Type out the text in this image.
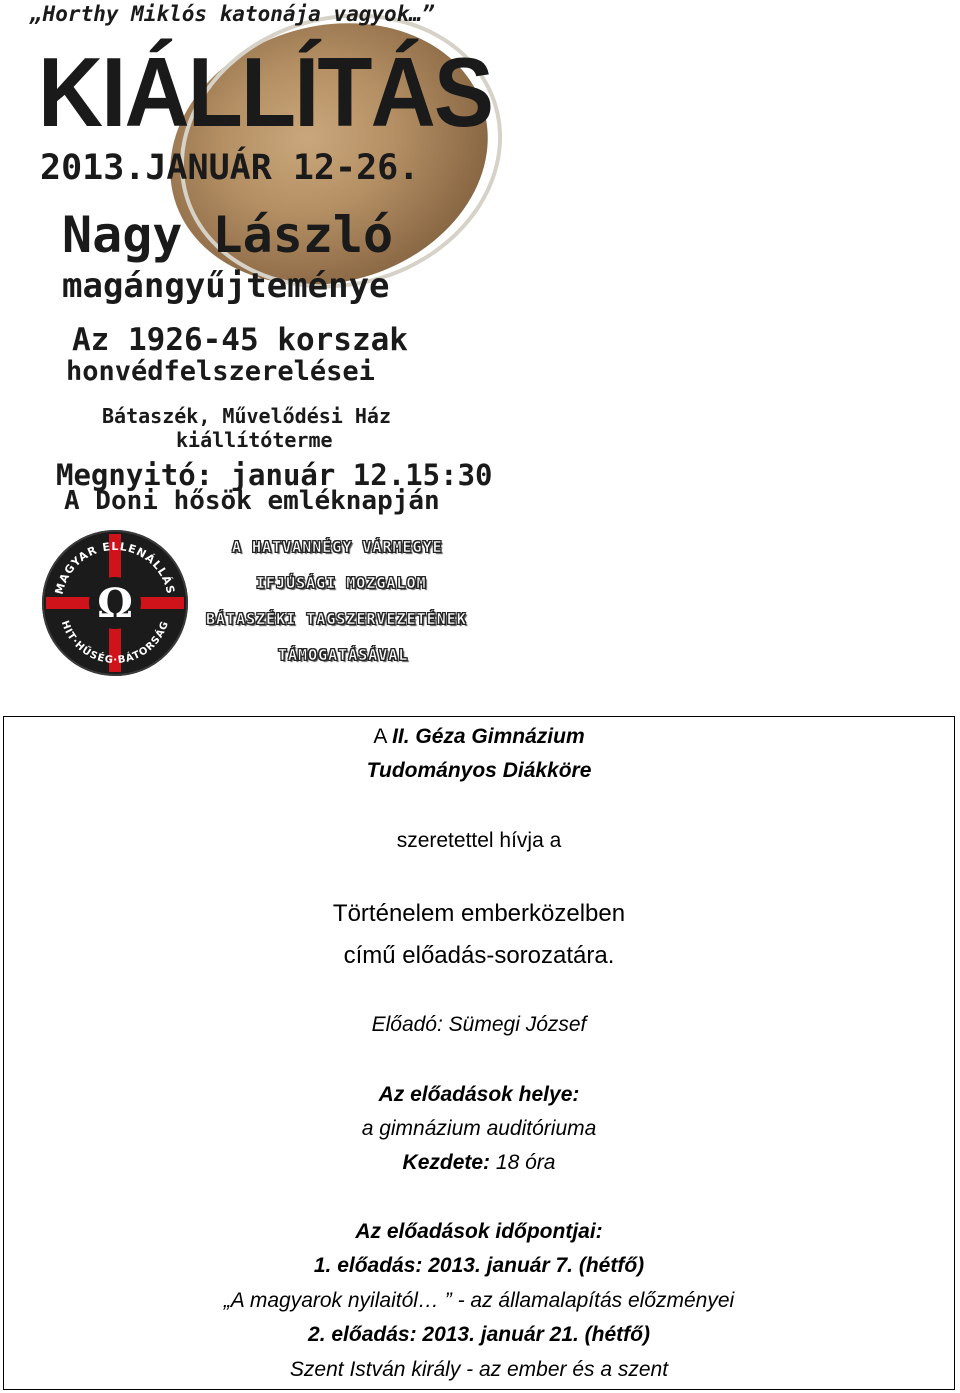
„Horthy Miklós katonája vagyok…”
KIÁLLÍTÁS
2013.JANUÁR 12-26.
Nagy László
magángyűjteménye
Az 1926-45 korszak
honvédfelszerelései
Bátaszék, Művelődési Ház
kiállítóterme
Megnyitó: január 12.15:30
A Doni hősök emléknapján
Ω
MAGYAR ELLENÁLLÁS
HIT·HŰSÉG·BÁTORSÁG
A HATVANNÉGY VÁRMEGYE
IFJÚSÁGI MOZGALOM
BÁTASZÉKI TAGSZERVEZETÉNEK
TÁMOGATÁSÁVAL
A II. Géza Gimnázium
Tudományos Diákköre
szeretettel hívja a
Történelem emberközelben
című előadás-sorozatára.
Előadó: Sümegi József
Az előadások helye:
a gimnázium auditóriuma
Kezdete: 18 óra
Az előadások időpontjai:
1. előadás: 2013. január 7. (hétfő)
„A magyarok nyilaitól… ” - az államalapítás előzményei
2. előadás: 2013. január 21. (hétfő)
Szent István király - az ember és a szent
